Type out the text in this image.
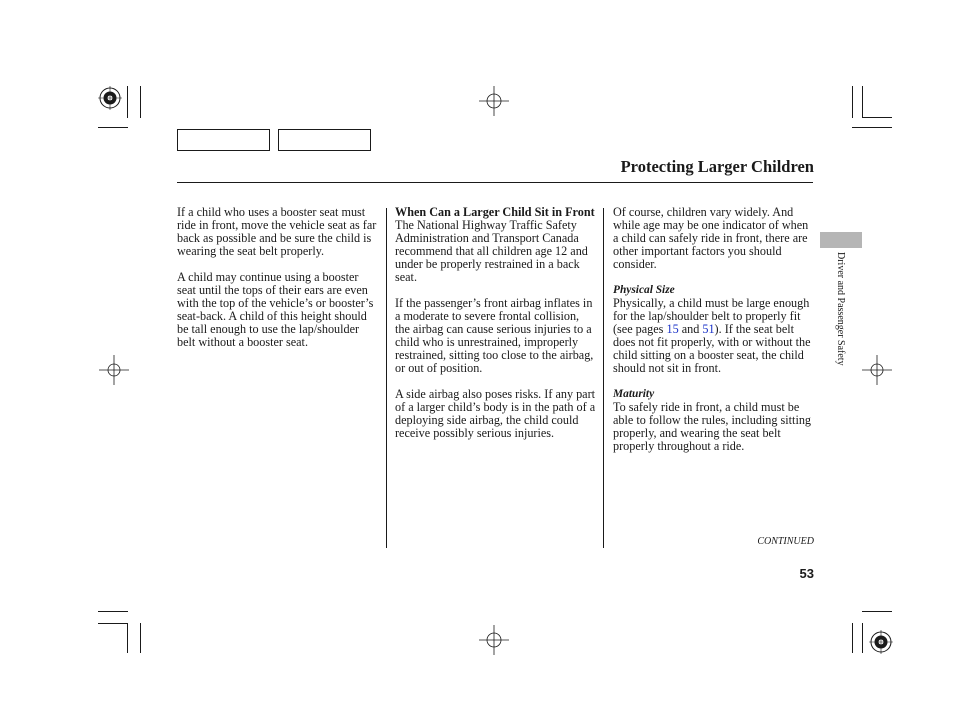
Protecting Larger Children

If a child who uses a booster seat must ride in front, move the vehicle seat as far back as possible and be sure the child is wearing the seat belt properly.

A child may continue using a booster seat until the tops of their ears are even with the top of the vehicle’s or booster’s seat-back. A child of this height should be tall enough to use the lap/shoulder belt without a booster seat.

When Can a Larger Child Sit in Front

The National Highway Traffic Safety Administration and Transport Canada recommend that all children age 12 and under be properly restrained in a back seat.

If the passenger’s front airbag inflates in a moderate to severe frontal collision, the airbag can cause serious injuries to a child who is unrestrained, improperly restrained, sitting too close to the airbag, or out of position.

A side airbag also poses risks. If any part of a larger child’s body is in the path of a deploying side airbag, the child could receive possibly serious injuries.

Of course, children vary widely. And while age may be one indicator of when a child can safely ride in front, there are other important factors you should consider.

Physical Size

Physically, a child must be large enough for the lap/shoulder belt to properly fit (see pages 15 and 51). If the seat belt does not fit properly, with or without the child sitting on a booster seat, the child should not sit in front.

Maturity

To safely ride in front, a child must be able to follow the rules, including sitting properly, and wearing the seat belt properly throughout a ride.

Driver and Passenger Safety
CONTINUED
53
